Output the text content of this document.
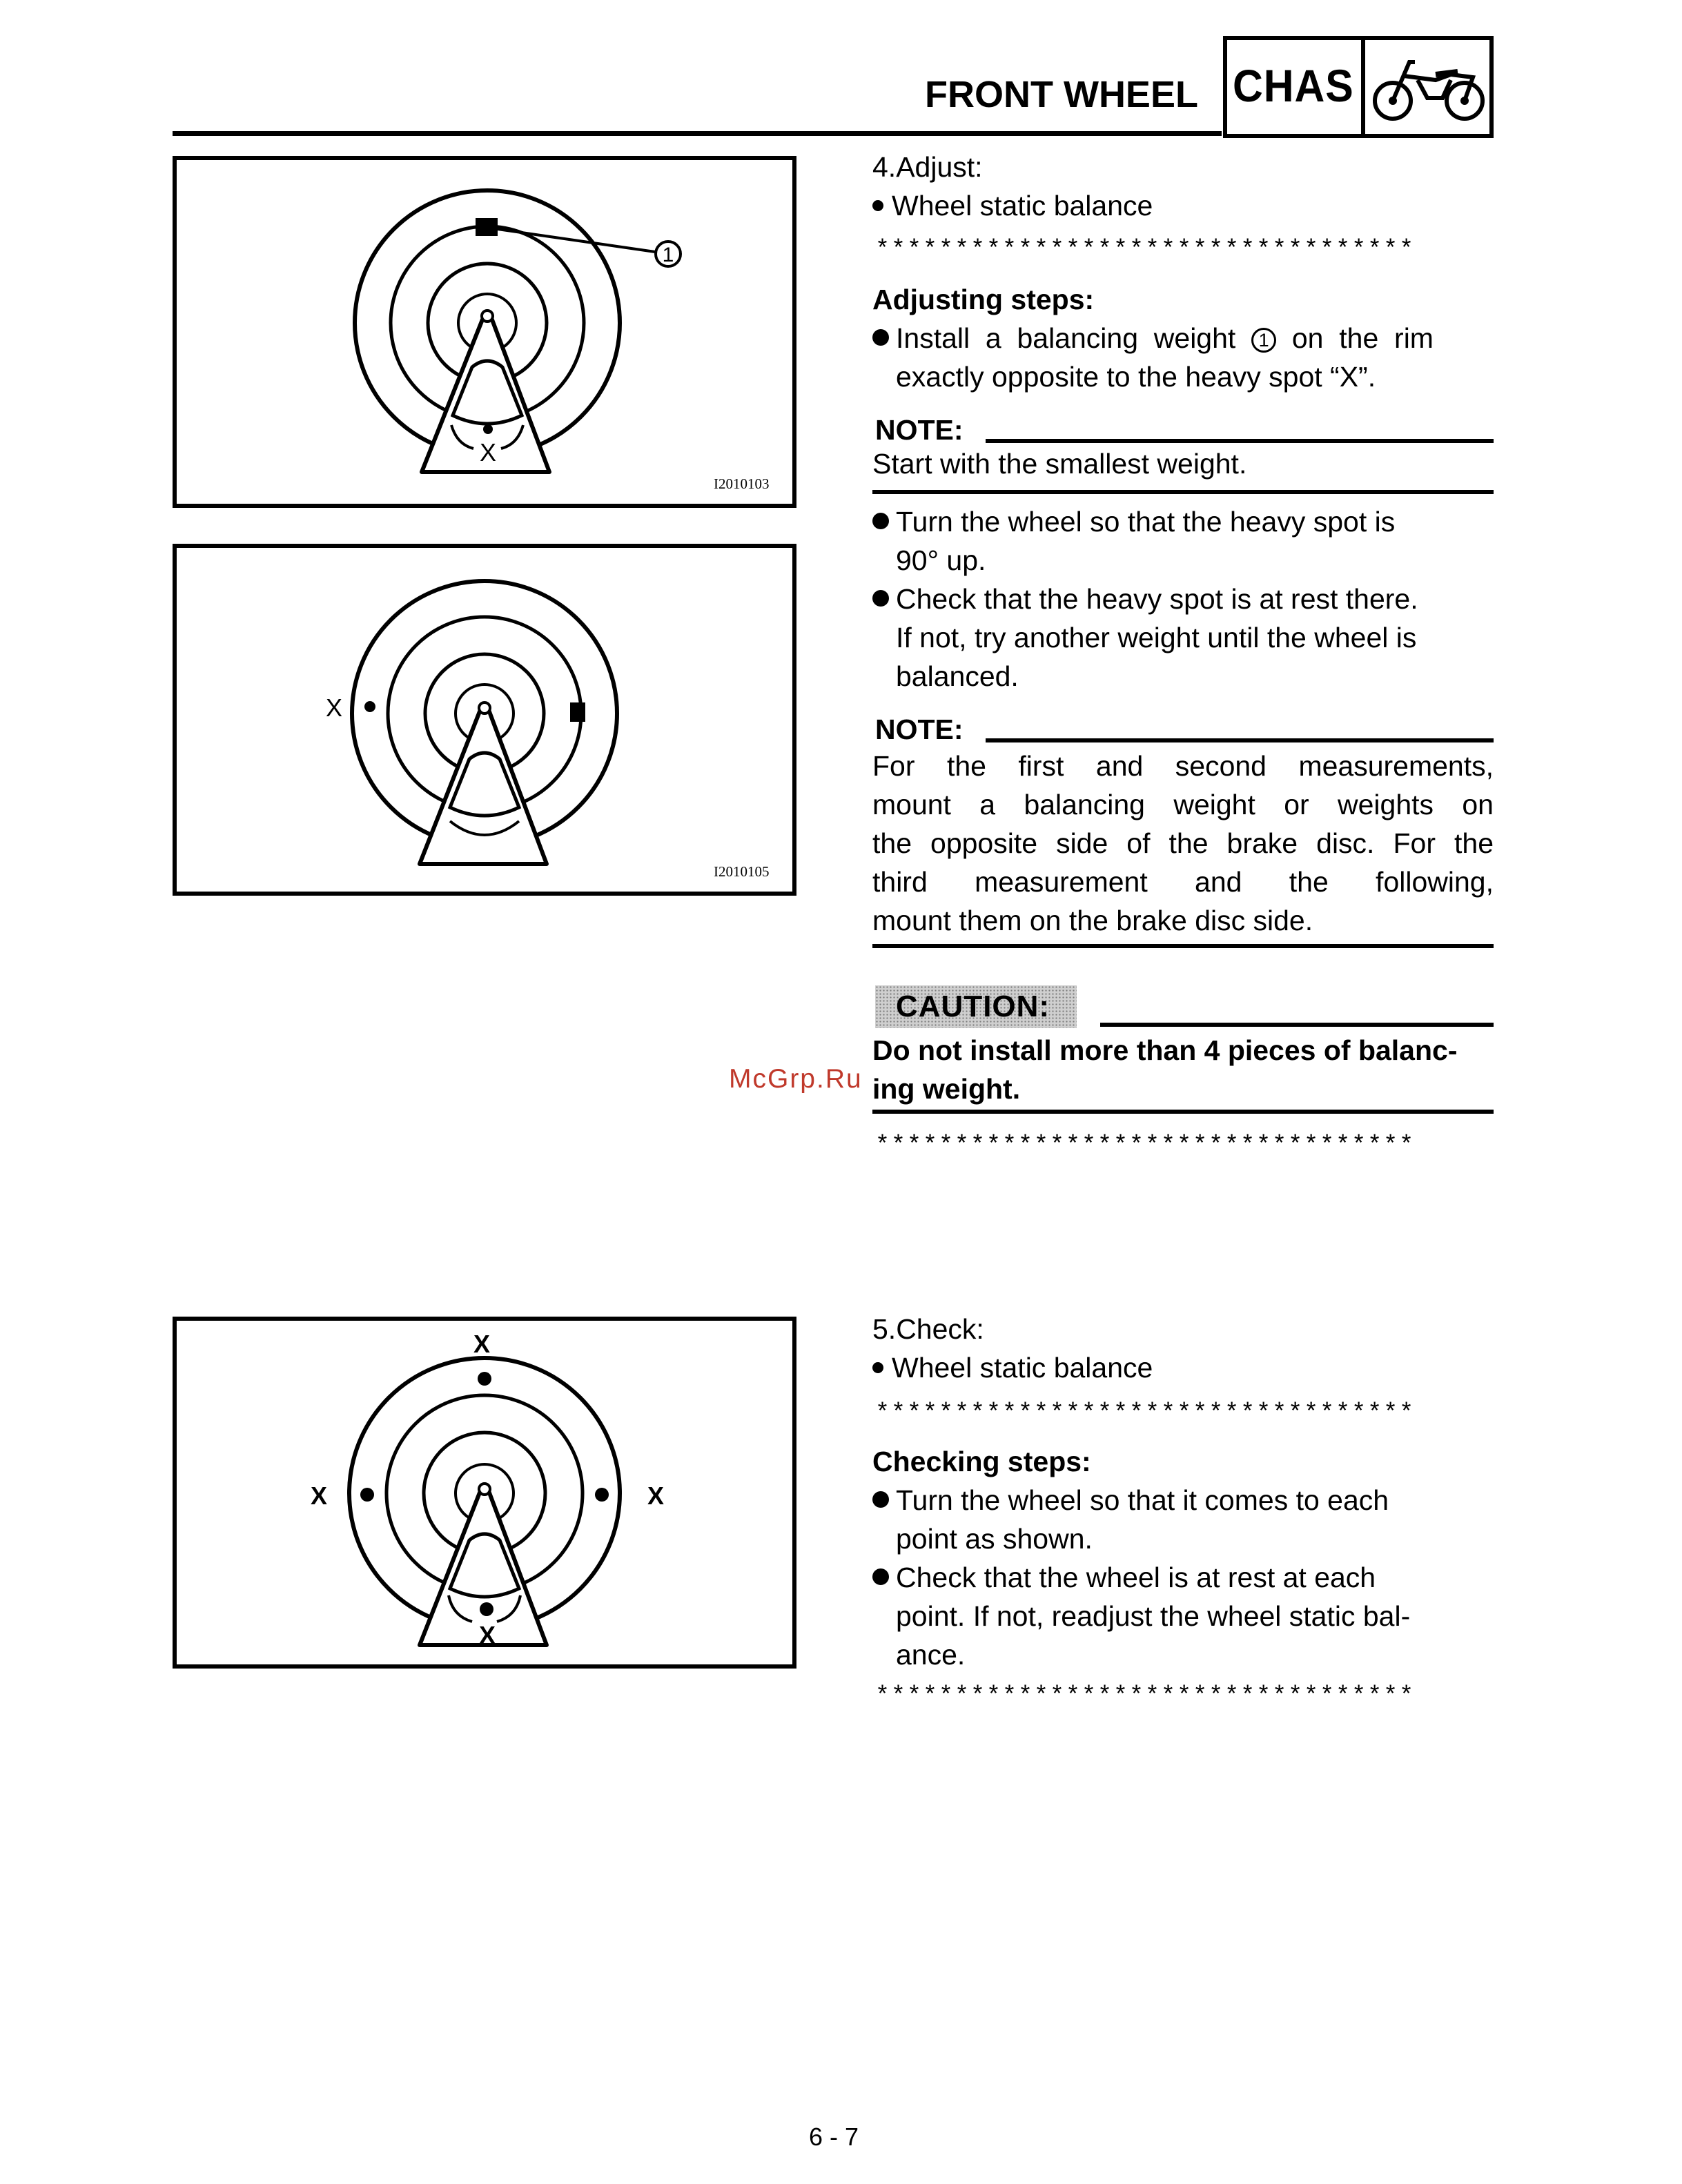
FRONT WHEEL CHAS
1
X
I2010103
X
I2010105
X
X	X
X
4.Adjust:
Wheel static balance
**********************************
Adjusting steps:
Install  a  balancing  weight  1  on  the  rim
exactly opposite to the heavy spot “X”.
NOTE:
Start with the smallest weight.
Turn the wheel so that the heavy spot is
90° up.
Check that the heavy spot is at rest there.
If not, try another weight until the wheel is
balanced.
NOTE:
For the first and second measurements,
mount a balancing weight or weights on
the opposite side of the brake disc. For the
third measurement and the following,
mount them on the brake disc side.
CAUTION:
Do not install more than 4 pieces of balanc-
ing weight.
**********************************
McGrp.Ru
5.Check:
Wheel static balance
**********************************
Checking steps:
Turn the wheel so that it comes to each
point as shown.
Check that the wheel is at rest at each
point. If not, readjust the wheel static bal-
ance.
**********************************
6 - 7
